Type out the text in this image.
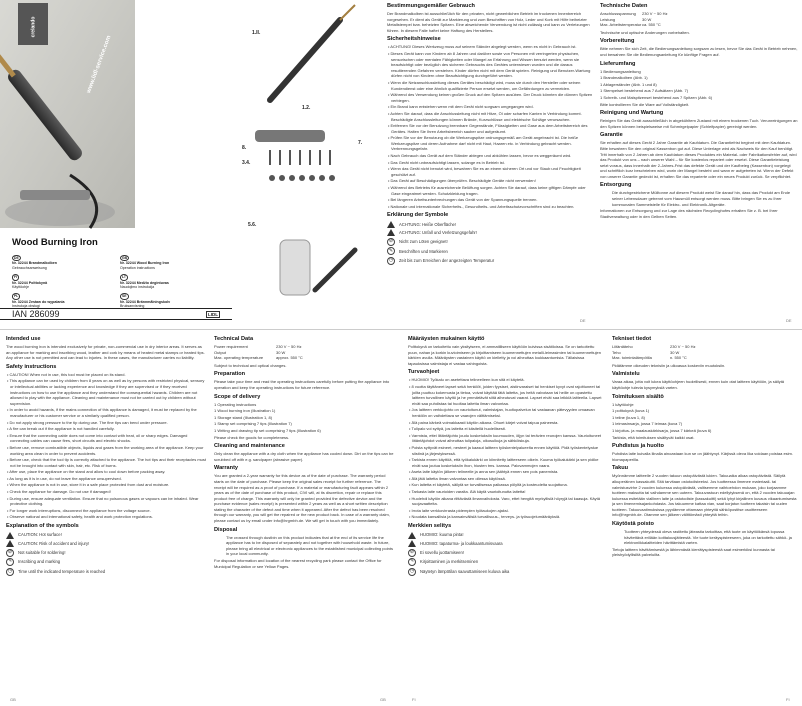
crelando
www.lidl-service.com
Wood Burning Iron
DE
Nr. 32244 Brandmalkolben
Gebrauchsanweisung
GB
Nr. 32244 Wood Burning Iron
Operation instructions
FI
Nr. 32244 Polttokynä
Käyttöohje
LT
Nr. 32244 Medžio degintuvas
Naudojimo instrukcija
PL
Nr. 32244 Zestaw do wypalania
Instrukcja obsługi
SE
Nr. 32244 Brännmålningskolv
Bruksanvisning
IAN 286099	LIDL
1.II.
1.2.
8.
3.4.
7.
5.6.
Bestimmungsgemäßer Gebrauch

Der Brandmalkolben ist ausschließlich für den privaten, nicht gewerblichen Betrieb im trockenen Innenbereich vorgesehen. Er dient als Gerät zur Markierung und zum Beschriften von Holz, Leder und Kork mit Hilfe beiheizter Metallstempel bzw. beheizten Spitzen. Eine abweichende Verwendung ist nicht zulässig und kann zu Verletzungen führen. In diesem Falle haftet keine Haftung des Herstellers.

Sicherheitshinweise

• ACHTUNG! Dieses Werkzeug muss auf seinem Ständer abgelegt werden, wenn es nicht in Gebrauch ist.

• Dieses Gerät kann von Kindern ab 8 Jahren und darüber sowie von Personen mit verringerten physischen, sensorischen oder mentalen Fähigkeiten oder Mangel an Erfahrung und Wissen benutzt werden, wenn sie beaufsichtigt oder bezüglich des sicheren Gebrauchs des Gerätes unterwiesen wurden und die daraus resultierenden Gefahren verstehen. Kinder dürfen nicht mit dem Gerät spielen. Reinigung und Benutzer-Wartung dürfen nicht von Kindern ohne Beaufsichtigung durchgeführt werden.

• Wenn die Netzanschlussleitung dieses Gerätes beschädigt wird, muss sie durch den Hersteller oder seinen Kundendienst oder eine ähnlich qualifizierte Person ersetzt werden, um Gefährdungen zu vermeiden.

• Während des Verwendung keinen großen Druck auf den Spitzen ausüben. Der Druck könnten die dünnen Spitzen verbiegen.

• Ein Brand kann entstehen wenn mit dem Gerät nicht sorgsam umgegangen wird.

• Achten Sie darauf, dass die Anschlussleitung nicht mit Hitze, Öl oder scharfen Kanten in Verbindung kommt. Beschädigte Anschlussleitungen können Brände, Kurzschlüsse und elektrische Schläge verursachen.

• Entfernen Sie vor der Benutzung brennbare Gegenstände, Flüssigkeiten und Gase aus dem Arbeitsbereich des Gerätes. Halten Sie Ihren Arbeitsbereich sauber und aufgeräumt.

• Prüfen Sie vor der Benutzung ob die Werkzeugspitze ordnungsgemäß am Gerät angebracht ist. Die heiße Werkzeugspitze und deren Aufnahme darf nicht mit Haut, Haaren etc. in Verbindung gebracht werden. Verbrennungsgefahr.

• Nach Gebrauch das Gerät auf dem Ständer ablegen und abkühlen lassen, bevor es weggeräumt wird.

• Das Gerät nicht unbeaufsichtigt lassen, solange es in Betrieb ist.

• Wenn das Gerät nicht benutzt wird, bewahren Sie es an einem sicheren Ort und vor Staub und Feuchtigkeit geschützt auf.

• Das Gerät auf Beschädigungen überprüfen. Beschädigte Geräte nicht verwenden!

• Während des Betriebs für ausreichende Belüftung sorgen. Achten Sie darauf, dass keine giftigen Dämpfe oder Gase eingeatmet werden. Schutzkleidung tragen.

• Bei längeren Arbeitsunterbrechungen das Gerät von der Spannungsquelle trennen.

• Nationale und internationale Sicherheits-, Gesundheits- und Arbeitsschutzvorschriften sind zu beachten.

Erklärung der Symbole
ACHTUNG: Heiße Oberfläche!
ACHTUNG: Unfall und Verletzungsgefahr!
⊘	Nicht zum Löten geeignet!
✎	Beschriften und Markieren
◷	Zeit bis zum Erreichen der angezeigten Temperatur
Technische Daten
Anschlussspannung	230 V ~ 50 Hz
Leistung	30 W
Max. Arbeitstemperatur ca. 550 °C

Technische und optische Änderungen vorbehalten.

Vorbereitung

Bitte nehmen Sie sich Zeit, die Bedienungsanleitung sorgsam zu lesen, bevor Sie das Gerät in Betrieb nehmen, und bewahren Sie die Bedienungsanleitung für künftige Fragen auf.

Lieferumfang

1 Bedienungsanleitung

1 Brandmalkolben (Abb. 1)

1 Ablagerständer (Abb. 1 und 8)

1 Stempelset bestehend aus 7 Aufsätzen (Abb. 7)

1 Schreib- und Malspitzenset bestehend aus 7 Spitzen (Abb. 6)

Bitte kontrollieren Sie die Ware auf Vollständigkeit.

Reinigung und Wartung

Reinigen Sie das Gerät ausschließlich in abgekühltem Zustand mit einem trockenen Tuch. Verunreinigungen an den Spitzen können beispielsweise mit Schmirgelpapier (Schleifpapier) gereinigt werden.

Garantie

Sie erhalten auf dieses Gerät 2 Jahre Garantie ab Kaufdatum. Die Garantiefrist beginnt mit dem Kaufdatum. Bitte bewahren Sie den original Kassenbon gut auf. Diese Unterlage wird als Nachweis für den Kauf benötigt. Tritt innerhalb von 2 Jahren ab dem Kaufdatum dieses Produktes ein Material- oder Fabrikationsfehler auf, wird das Produkt von uns – nach unserer Wahl – für Sie kostenlos repariert oder ersetzt. Diese Garantieleistung setzt voraus, dass innerhalb der 2-Jahres-Frist das defekte Gerät und der Kaufbeleg (Kassenbon) vorgelegt und schriftlich kurz beschrieben wird, worin der Mangel besteht und wann er aufgetreten ist. Wenn der Defekt von unserer Garantie gedeckt ist, erhalten Sie das reparierte oder ein neues Produkt zurück. Se verpflichtet.

Entsorgung

Die durchgestrichene Mülltonne auf diesem Produkt weist Sie darauf hin, dass das Produkt am Ende seiner Lebensdauer getrennt vom Hausmüll entsorgt werden muss. Bitte bringen Sie es zu Ihrer kommunalen Sammelstelle für Elektro- und Elektronik-Altgeräte.

Informationen zur Entsorgung und zur Lage des nächsten Recyclinghofes erhalten Sie z. B. bei Ihrer Stadtverwaltung oder in den Gelben Seiten.

DE	DE
Intended use

The wood burning iron is intended exclusively for private, non-commercial use in dry interior areas. It serves as an appliance for marking and inscribing wood, leather and cork by means of heated metal stamps or heated tips. Any other use is not permitted and can lead to injuries. In these cases, the manufacturer carries no liability.

Safety instructions

• CAUTION! When not in use, this tool must be placed on its stand.

• This appliance can be used by children from 8 years on as well as by persons with restricted physical, sensory or intellectual abilities or lacking experience and knowledge if they are supervised or if they received instructions on how to use the appliance and they understand the consequential hazards. Children are not allowed to play with the appliance. Cleaning and maintenance must not be carried out by children without supervision.

• In order to avoid hazards, if the mains connection of this appliance is damaged, it must be replaced by the manufacturer or his customer service or a similarly qualified person.

• Do not apply strong pressure to the tip during use. The fine tips can bend under pressure.

• A fire can break out if the appliance is not handled carefully.

• Ensure that the connecting cable does not come into contact with heat, oil or sharp edges. Damaged connecting cables can cause fires, short circuits and electric shocks.

• Before use, remove combustible objects, liquids and gases from the working area of the appliance. Keep your working area clean in order to prevent accidents.

• Before use, check that the tool tip is correctly attached to the appliance. The hot tips and their receptacles must not be brought into contact with skin, hair, etc. Risk of burns.

• After use, place the appliance on the stand and allow to cool down before packing away.

• As long as it is in use, do not leave the appliance unsupervised.

• When the appliance is not in use, store it in a safe place protected from dust and moisture.

• Check the appliance for damage. Do not use if damaged!

• During use, ensure adequate ventilation. Ensure that no poisonous gases or vapours can be inhaled. Wear protective clothing.

• For longer work interruptions, disconnect the appliance from the voltage source.

• Observe national and international safety, health and work protection regulations.

Explanation of the symbols
CAUTION: Hot surface!
CAUTION: Risk of accident and injury!
⊘	Not suitable for soldering!
✎	Inscribing and marking
◷	Time until the indicated temperature is reached
Technical Data
Power requirement	230 V ~ 50 Hz
Output	30 W
Max. operating temperature	approx. 550 °C

Subject to technical and optical changes.

Preparation

Please take your time and read the operating instructions carefully before putting the appliance into operation and keep the operating instructions for future reference.

Scope of delivery

1 Operating instructions

1 Wood burning iron (Illustration 1)

1 Storage stand (Illustration 1, 8)

1 Stamp set comprising 7 tips (Illustration 7)

1 Writing and drawing tip set comprising 7 tips (Illustration 6)

Please check the goods for completeness.

Cleaning and maintenance

Only clean the appliance with a dry cloth when the appliance has cooled down. Dirt on the tips can be scrubbed off with e.g. sandpaper (abrasive paper).

Warranty

You are granted a 2-year warranty for this device as of the date of purchase. The warranty period starts on the date of purchase. Please keep the original sales receipt for further reference. The receipt will be required as a proof of purchase. If a material or manufacturing fault appears within 2 years as of the date of purchase of this product, CIVI will, at its discretion, repair or replace this product free of charge. This warranty will only be granted provided the defective device and the purchase evidence (sales receipt) is presented within 2 years as well as a short written description stating the character of the defect and time when it appeared. After the defect has been resolved through our warranty, you will get the repaired or the new product back. In case of a warranty claim, please contact us by email under info@hrgmbh.de. We will get in touch with you immediately.

Disposal

The crossed through dustbin on this product indicates that at the end of its service life the appliance has to be disposed of separately and not together with household waste. In future, please bring all electrical or electronic appliances to the established municipal collecting points in your local community.

For disposal information and location of the nearest recycling park please contact the Office for Municipal Regulation or see Yellow Pages.

GB	GB
Määräysten mukainen käyttö

Polttokynä on tarkoitettu vain yksityiseen, ei ammatilliseen käyttöön kuivissa sisätiloissa. Se on tarkoitettu puun, nahan ja korkin kuvioimiseen ja kirjoittamiseen kuumennettujen metalli-leimasimien tai kuumennettujen kärkien avulla. Määräysten vastainen käyttö on kielletty ja voi aiheuttaa loukkaantumisia. Tällaisissa tapauksissa valmistaja ei vastaa vahingoista.

Turvaohjeet

• HUOMIO! Työkalu on asetettava telineelleen kun sitä ei käytetä.

• 8 vuotta täyttäneet lapset sekä henkilöt, joiden fyysiset, aistinvaraiset tai henkiset kyvyt ovat rajoittuneet tai joilta puuttuu kokemusta ja tietoa, voivat käyttää tätä laitetta, jos heitä valvotaan tai heille on opastettu laitteen turvallinen käyttö ja he ymmärtävät siitä aiheutuvat vaarat. Lapset eivät saa leikkiä laitteella. Lapset eivät saa puhdistaa tai huoltaa laitetta ilman valvontaa.

• Jos laitteen verkkojohto on vaurioitunut, valmistajan, huoltopalvelun tai vastaavan pätevyyden omaavan henkilön on vaihdettava se vaarojen välttämiseksi.

• Älä paina kärkeä voimakkaasti käytön aikana. Ohuet kärjet voivat taipua paineesta.

• Tulipalo voi syttyä, jos laitetta ei käsitellä huolellisesti.

• Varmista, ettei liitäntäjohto joudu kosketuksiin kuumuuden, öljyn tai terävien reunojen kanssa. Vaurioituneet liitäntäjohdot voivat aiheuttaa tulipaloja, oikosulkuja ja sähköiskuja.

• Poista syttyvät esineet, nesteet ja kaasut laitteen työskentelyalueelta ennen käyttöä. Pidä työskentelyalue siistinä ja järjestyksessä.

• Tarkista ennen käyttöä, että työkalukärki on kiinnitetty laitteeseen oikein. Kuuma työkalukärki ja sen pidike eivät saa joutua kosketuksiin ihon, hiusten tms. kanssa. Palovammojen vaara.

• Aseta laite käytön jälkeen telineelle ja anna sen jäähtyä ennen sen pois panemista.

• Älä jätä laitetta ilman valvontaa sen ollessa käytössä.

• Kun laitetta ei käytetä, säilytä se turvallisessa paikassa pölyltä ja kosteudelta suojattuna.

• Tarkasta laite vaurioiden varalta. Älä käytä vaurioitunutta laitetta!

• Huolehdi käytön aikana riittävästä ilmanvaihdosta. Varo, ettet hengitä myrkyllisiä höyryjä tai kaasuja. Käytä suojavaatteita.

• Irrota laite verkkovirrasta pidempien työtaukojen ajaksi.

• Noudata kansallisia ja kansainvälisiä turvallisuus-, terveys- ja työsuojelumääräyksiä.

Merkkien selitys
HUOMIO: kuuma pinta!
HUOMIO: tapaturma- ja loukkaantumisvaara
⊘	Ei sovellu juottamiseen!
✎	Kirjoittaminen ja merkitseminen
◷	Näytetyn lämpötilan saavuttamiseen kuluva aika
Tekniset tiedot
Liitäntäteho	230 V ~ 50 Hz
Teho	30 W
Max. toimintalämpötila	n. 550 °C

Pidätämme oikeuden teknisiin ja ulkoasua koskeviin muutoksiin.

Valmistelu

Varaa aikaa, jotta voit lukea käyttöohjeen huolellisesti, ennen kuin otat laitteen käyttöön, ja säilytä käyttöohje tulevia kysymyksiä varten.

Toimituksen sisältö

1 käyttöohje

1 polttokynä (kuva 1)

1 teline (kuva 1, 8)

1 leimasinsarja, jossa 7 leimaa (kuva 7)

1 kirjoitus- ja maalauskärkisarja, jossa 7 kärkeä (kuva 6)

Tarkista, että toimituksen sisältyvät kaikki osat.

Puhdistus ja huolto

Puhdista laite kuivalla liinalla ainoastaan kun se on jäähtynyt. Kärjissä oleva lika voidaan poistaa esim. hiomapaperilla.

Takuu

Myönnämme laitteelle 2 vuoden takuun ostopäivästä lukien. Takuuaika alkaa ostopäivästä. Säilytä alkuperäinen kassakuitti. Sitä tarvitaan ostotodisteeksi. Jos tuotteessa ilmenee materiaali- tai valmistusvirhe 2 vuoden kuluessa ostopäivästä, valitsemme vaihtoehdon mukaan, joko korjaamme tuotteen maksutta tai vaihdamme sen uuteen. Takuuvastuun edellytyksenä on, että 2 vuoden takuuajan kuluessa esitetään viallinen laite ja ostotodiste (kassakuitti) sekä lyhyt kirjallinen kuvaus vikaantumisesta ja sen ilmenemisajankohdasta. Jos takuumme kattaa vian, saat korjatun tuotteen takaisin tai uuden tuotteen. Takuuvaatimuksissa pyydämme ottamaan yhteyttä sähköpostitse osoitteeseen info@hrgmbh.de. Otamme sen jälkeen välittömästi yhteyttä teihin.

Käytöstä poisto

Tuotteen yhteydessä oleva rastitettu jäteastia tarkoittaa, että tuote on käyttöikänsä lopussa hävitettävä erillään kotitalousjätteestä. Vie tuote keräyspisteeseen, joka on tarkoitettu sähkö- ja elektroniikkalaitteiden hävittämistä varten.

Tietoja laitteen hävittämisestä ja lähimmästä kierrätyspisteestä saat esimerkiksi kunnasta tai yleishyödyllisiltä palveluilta.

FI	FI
